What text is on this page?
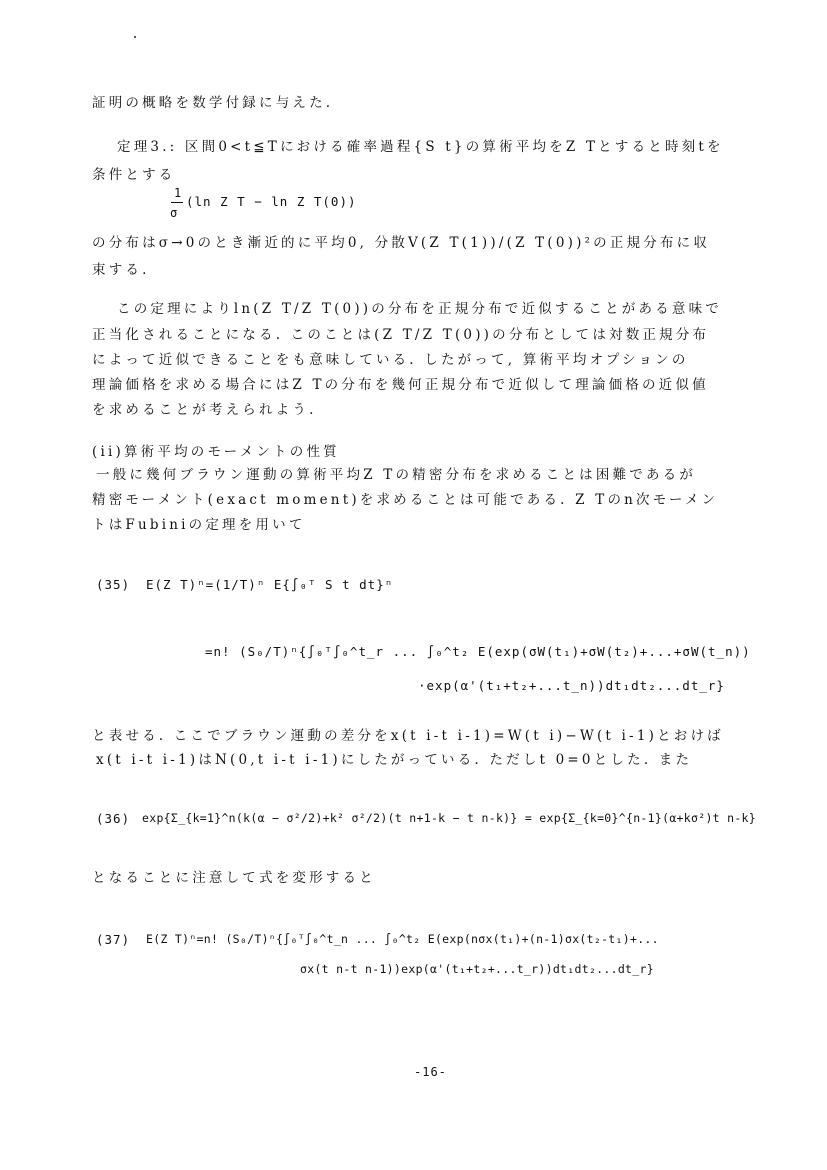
証明の概略を数学付録に与えた.
定理3.: 区間0<t≦Tにおける確率過程{S t}の算術平均をZ Tとすると時刻tを
条件とする
1
σ
(ln Z T − ln Z T(0))
の分布はσ→0のとき漸近的に平均0, 分散V(Z T(1))/(Z T(0))²の正規分布に収
束する.
この定理によりln(Z T/Z T(0))の分布を正規分布で近似することがある意味で
正当化されることになる. このことは(Z T/Z T(0))の分布としては対数正規分布
によって近似できることをも意味している. したがって, 算術平均オプションの
理論価格を求める場合にはZ Tの分布を幾何正規分布で近似して理論価格の近似値
を求めることが考えられよう.
(ii)算術平均のモーメントの性質
一般に幾何ブラウン運動の算術平均Z Tの精密分布を求めることは困難であるが
精密モーメント(exact moment)を求めることは可能である. Z Tのn次モーメン
トはFubiniの定理を用いて
(35) E(Z T)ⁿ=(1/T)ⁿ E{∫₀ᵀ S t dt}ⁿ
=n! (S₀/T)ⁿ{∫₀ᵀ∫₀^t_r ... ∫₀^t₂ E(exp(σW(t₁)+σW(t₂)+...+σW(t_n))
·exp(α'(t₁+t₂+...t_n))dt₁dt₂...dt_r}
と表せる. ここでブラウン運動の差分をx(t i-t i-1)=W(t i)−W(t i-1)とおけば
x(t i-t i-1)はN(0,t i-t i-1)にしたがっている. ただしt 0=0とした. また
(36) exp{Σ_{k=1}^n(k(α − σ²/2)+k² σ²/2)(t n+1-k − t n-k)} = exp{Σ_{k=0}^{n-1}(α+kσ²)t n-k}
となることに注意して式を変形すると
(37) E(Z T)ⁿ=n! (S₀/T)ⁿ{∫₀ᵀ∫₀^t_n ... ∫₀^t₂ E(exp(nσx(t₁)+(n-1)σx(t₂-t₁)+...
σx(t n-t n-1))exp(α'(t₁+t₂+...t_r))dt₁dt₂...dt_r}
-16-
